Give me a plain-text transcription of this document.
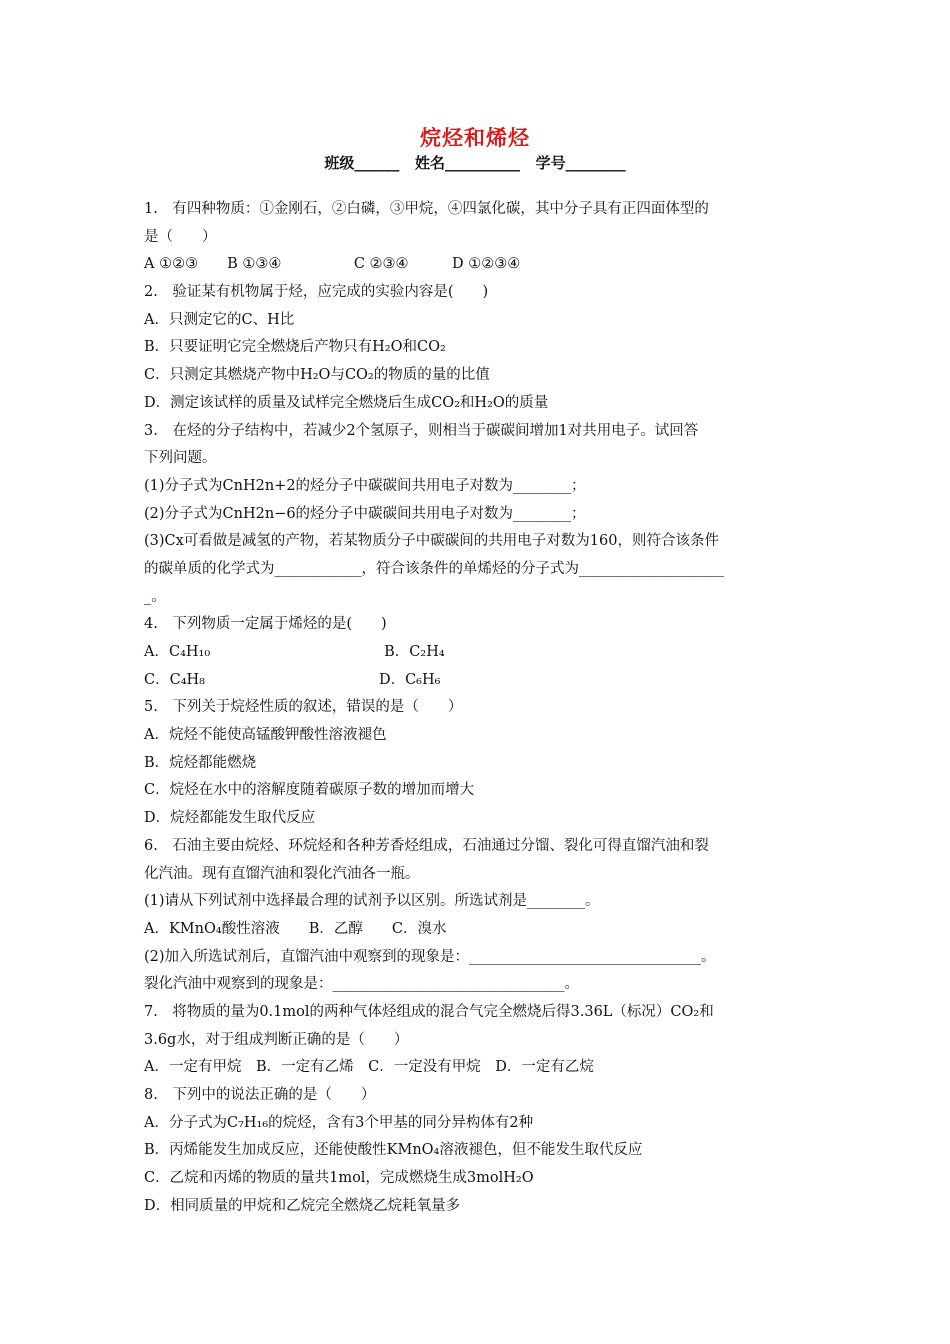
烷烃和烯烃
班级______   姓名__________   学号________
1.　有四种物质：①金刚石，②白磷，③甲烷，④四氯化碳，其中分子具有正四面体型的
是（　　）
A ①②③　　B ①③④　　　　　C ②③④　　　D ①②③④
2.　验证某有机物属于烃，应完成的实验内容是(　　)
A．只测定它的C、H比
B．只要证明它完全燃烧后产物只有H₂O和CO₂
C．只测定其燃烧产物中H₂O与CO₂的物质的量的比值
D．测定该试样的质量及试样完全燃烧后生成CO₂和H₂O的质量
3.　在烃的分子结构中，若减少2个氢原子，则相当于碳碳间增加1对共用电子。试回答
下列问题。
(1)分子式为CnH2n+2的烃分子中碳碳间共用电子对数为________；
(2)分子式为CnH2n−6的烃分子中碳碳间共用电子对数为________；
(3)Cx可看做是减氢的产物，若某物质分子中碳碳间的共用电子对数为160，则符合该条件
的碳单质的化学式为____________，符合该条件的单烯烃的分子式为____________________
_。
4.　下列物质一定属于烯烃的是(　　)
A．C₄H₁₀　　　　　　　　　　　　B．C₂H₄
C．C₄H₈　　　　　　　　　　　　D．C₆H₆
5.　下列关于烷烃性质的叙述，错误的是（　　）
A．烷烃不能使高锰酸钾酸性溶液褪色
B．烷烃都能燃烧
C．烷烃在水中的溶解度随着碳原子数的增加而增大
D．烷烃都能发生取代反应
6.　石油主要由烷烃、环烷烃和各种芳香烃组成，石油通过分馏、裂化可得直馏汽油和裂
化汽油。现有直馏汽油和裂化汽油各一瓶。
(1)请从下列试剂中选择最合理的试剂予以区别。所选试剂是________。
A．KMnO₄酸性溶液　　B．乙醇　　C．溴水
(2)加入所选试剂后，直馏汽油中观察到的现象是：________________________________。
裂化汽油中观察到的现象是：________________________________。
7.　将物质的量为0.1mol的两种气体烃组成的混合气完全燃烧后得3.36L（标况）CO₂和
3.6g水，对于组成判断正确的是（　　）
A．一定有甲烷　B．一定有乙烯　C．一定没有甲烷　D．一定有乙烷
8.　下列中的说法正确的是（　　）
A．分子式为C₇H₁₆的烷烃，含有3个甲基的同分异构体有2种
B．丙烯能发生加成反应，还能使酸性KMnO₄溶液褪色，但不能发生取代反应
C．乙烷和丙烯的物质的量共1mol，完成燃烧生成3molH₂O
D．相同质量的甲烷和乙烷完全燃烧乙烷耗氧量多
